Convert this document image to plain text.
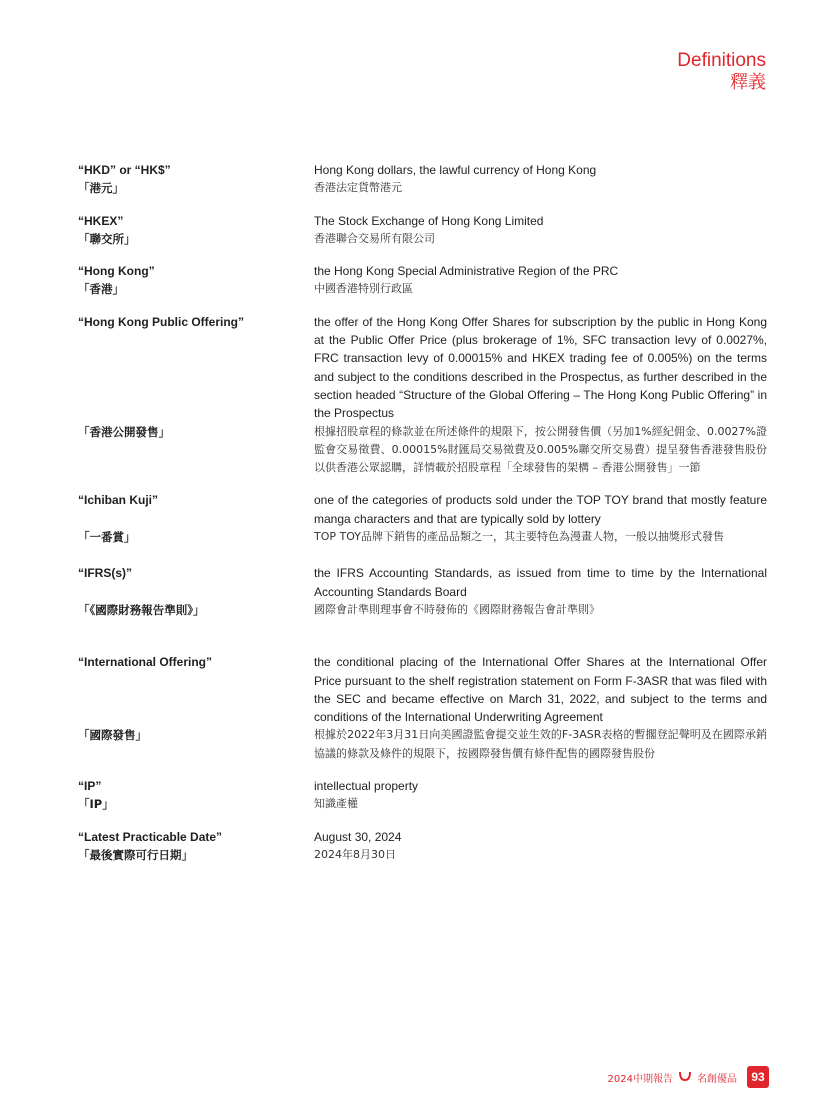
Definitions
釋義
“HKD” or “HK$”	Hong Kong dollars, the lawful currency of Hong Kong
「港元」	香港法定貨幣港元
“HKEX”	The Stock Exchange of Hong Kong Limited
「聯交所」	香港聯合交易所有限公司
“Hong Kong”	the Hong Kong Special Administrative Region of the PRC
「香港」	中國香港特別行政區
“Hong Kong Public Offering”	the offer of the Hong Kong Offer Shares for subscription by the public in Hong Kong at the Public Offer Price (plus brokerage of 1%, SFC transaction levy of 0.0027%, FRC transaction levy of 0.00015% and HKEX trading fee of 0.005%) on the terms and subject to the conditions described in the Prospectus, as further described in the section headed “Structure of the Global Offering – The Hong Kong Public Offering” in the Prospectus
「香港公開發售」	根據招股章程的條款並在所述條件的規限下，按公開發售價（另加1%經紀佣金、0.0027%證監會交易徵費、0.00015%財匯局交易徵費及0.005%聯交所交易費）提呈發售香港發售股份以供香港公眾認購，詳情載於招股章程「全球發售的架構 – 香港公開發售」一節
“Ichiban Kuji”	one of the categories of products sold under the TOP TOY brand that mostly feature manga characters and that are typically sold by lottery
「一番賞」	TOP TOY品牌下銷售的產品品類之一，其主要特色為漫畫人物，一般以抽獎形式發售
“IFRS(s)”	the IFRS Accounting Standards, as issued from time to time by the International Accounting Standards Board
「《國際財務報告準則》」	國際會計準則理事會不時發佈的《國際財務報告會計準則》
“International Offering”	the conditional placing of the International Offer Shares at the International Offer Price pursuant to the shelf registration statement on Form F-3ASR that was filed with the SEC and became effective on March 31, 2022, and subject to the terms and conditions of the International Underwriting Agreement
「國際發售」	根據於2022年3月31日向美國證監會提交並生效的F-3ASR表格的暫擱登記聲明及在國際承銷協議的條款及條件的規限下，按國際發售價有條件配售的國際發售股份
“IP”	intellectual property
「IP」	知識產權
“Latest Practicable Date”	August 30, 2024
「最後實際可行日期」	2024年8月30日
2024中期報告 名創優品	93
